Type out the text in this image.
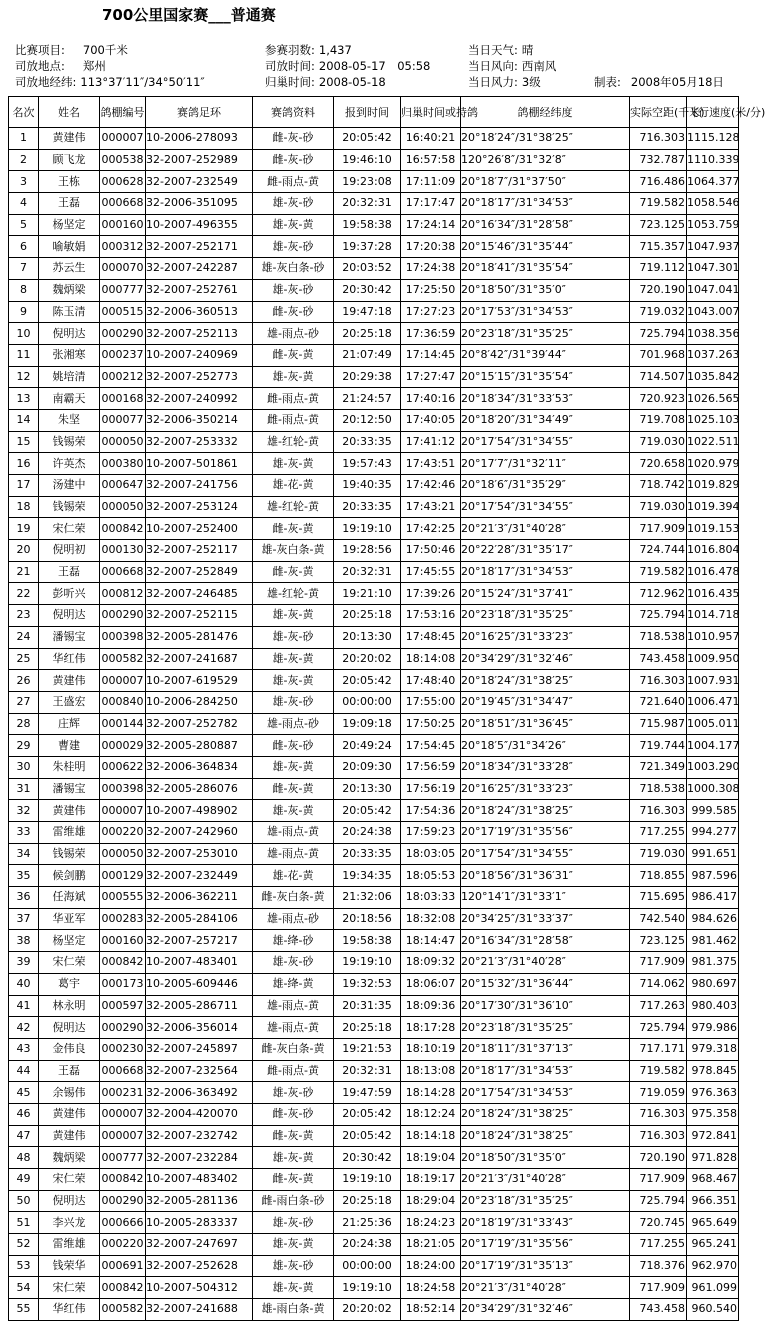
700公里国家赛___普通赛
比赛项目: 700千米
司放地点: 郑州
司放地经纬: 113°37′11″/34°50′11″
参赛羽数: 1,437
司放时间: 2008-05-17　05:58
归巢时间: 2008-05-18
当日天气: 晴
当日风向: 西南风
当日风力: 3级	制表: 2008年05月18日
名次	姓名	鸽棚编号	赛鸽足环	赛鸽资料	报到时间	归巢时间或持鸽	鸽棚经纬度	实际空距(千米)	飞行速度(米/分)
1	黄建伟	000007	10-2006-278093	雌-灰-砂	20:05:42	16:40:21	20°18′24″/31°38′25″	716.303	1115.128
2	顾飞龙	000538	32-2007-252989	雌-灰-砂	19:46:10	16:57:58	120°26′8″/31°32′8″	732.787	1110.339
3	王栋	000628	32-2007-232549	雌-雨点-黄	19:23:08	17:11:09	20°18′7″/31°37′50″	716.486	1064.377
4	王磊	000668	32-2006-351095	雄-灰-砂	20:32:31	17:17:47	20°18′17″/31°34′53″	719.582	1058.546
5	杨坚定	000160	10-2007-496355	雄-灰-黄	19:58:38	17:24:14	20°16′34″/31°28′58″	723.125	1053.759
6	喻敏娟	000312	32-2007-252171	雄-灰-砂	19:37:28	17:20:38	20°15′46″/31°35′44″	715.357	1047.937
7	苏云生	000070	32-2007-242287	雄-灰白条-砂	20:03:52	17:24:38	20°18′41″/31°35′54″	719.112	1047.301
8	魏炳梁	000777	32-2007-252761	雄-灰-砂	20:30:42	17:25:50	20°18′50″/31°35′0″	720.190	1047.041
9	陈玉清	000515	32-2006-360513	雌-灰-砂	19:47:18	17:27:23	20°17′53″/31°34′53″	719.032	1043.007
10	倪明达	000290	32-2007-252113	雄-雨点-砂	20:25:18	17:36:59	20°23′18″/31°35′25″	725.794	1038.356
11	张湘寒	000237	10-2007-240969	雌-灰-黄	21:07:49	17:14:45	20°8′42″/31°39′44″	701.968	1037.263
12	姚培清	000212	32-2007-252773	雄-灰-黄	20:29:38	17:27:47	20°15′15″/31°35′54″	714.507	1035.842
13	南霸天	000168	32-2007-240992	雌-雨点-黄	21:24:57	17:40:16	20°18′34″/31°33′53″	720.923	1026.565
14	朱坚	000077	32-2006-350214	雌-雨点-黄	20:12:50	17:40:05	20°18′20″/31°34′49″	719.708	1025.103
15	钱锡荣	000050	32-2007-253332	雄-红轮-黄	20:33:35	17:41:12	20°17′54″/31°34′55″	719.030	1022.511
16	许英杰	000380	10-2007-501861	雄-灰-黄	19:57:43	17:43:51	20°17′7″/31°32′11″	720.658	1020.979
17	汤建中	000647	32-2007-241756	雄-花-黄	19:40:35	17:42:46	20°18′6″/31°35′29″	718.742	1019.829
18	钱锡荣	000050	32-2007-253124	雄-红轮-黄	20:33:35	17:43:21	20°17′54″/31°34′55″	719.030	1019.394
19	宋仁荣	000842	10-2007-252400	雌-灰-黄	19:19:10	17:42:25	20°21′3″/31°40′28″	717.909	1019.153
20	倪明初	000130	32-2007-252117	雄-灰白条-黄	19:28:56	17:50:46	20°22′28″/31°35′17″	724.744	1016.804
21	王磊	000668	32-2007-252849	雌-灰-黄	20:32:31	17:45:55	20°18′17″/31°34′53″	719.582	1016.478
22	彭听兴	000812	32-2007-246485	雄-红轮-黄	19:21:10	17:39:26	20°15′24″/31°37′41″	712.962	1016.435
23	倪明达	000290	32-2007-252115	雄-灰-黄	20:25:18	17:53:16	20°23′18″/31°35′25″	725.794	1014.718
24	潘锡宝	000398	32-2005-281476	雄-灰-砂	20:13:30	17:48:45	20°16′25″/31°33′23″	718.538	1010.957
25	华红伟	000582	32-2007-241687	雄-灰-黄	20:20:02	18:14:08	20°34′29″/31°32′46″	743.458	1009.950
26	黄建伟	000007	10-2007-619529	雄-灰-黄	20:05:42	17:48:40	20°18′24″/31°38′25″	716.303	1007.931
27	王盛宏	000840	10-2006-284250	雄-灰-砂	00:00:00	17:55:00	20°19′45″/31°34′47″	721.640	1006.471
28	庄辉	000144	32-2007-252782	雄-雨点-砂	19:09:18	17:50:25	20°18′51″/31°36′45″	715.987	1005.011
29	曹建	000029	32-2005-280887	雌-灰-砂	20:49:24	17:54:45	20°18′5″/31°34′26″	719.744	1004.177
30	朱桂明	000622	32-2006-364834	雄-灰-黄	20:09:30	17:56:59	20°18′34″/31°33′28″	721.349	1003.290
31	潘锡宝	000398	32-2005-286076	雌-灰-黄	20:13:30	17:56:19	20°16′25″/31°33′23″	718.538	1000.308
32	黄建伟	000007	10-2007-498902	雄-灰-黄	20:05:42	17:54:36	20°18′24″/31°38′25″	716.303	999.585
33	雷维雄	000220	32-2007-242960	雄-雨点-黄	20:24:38	17:59:23	20°17′19″/31°35′56″	717.255	994.277
34	钱锡荣	000050	32-2007-253010	雄-雨点-黄	20:33:35	18:03:05	20°17′54″/31°34′55″	719.030	991.651
35	候剑鹏	000129	32-2007-232449	雄-花-黄	19:34:35	18:05:53	20°18′56″/31°36′31″	718.855	987.596
36	任海斌	000555	32-2006-362211	雌-灰白条-黄	21:32:06	18:03:33	120°14′1″/31°33′1″	715.695	986.417
37	华亚军	000283	32-2005-284106	雄-雨点-砂	20:18:56	18:32:08	20°34′25″/31°33′37″	742.540	984.626
38	杨坚定	000160	32-2007-257217	雄-绛-砂	19:58:38	18:14:47	20°16′34″/31°28′58″	723.125	981.462
39	宋仁荣	000842	10-2007-483401	雄-灰-砂	19:19:10	18:09:32	20°21′3″/31°40′28″	717.909	981.375
40	葛宇	000173	10-2005-609446	雄-绛-黄	19:32:53	18:06:07	20°15′32″/31°36′44″	714.062	980.697
41	林永明	000597	32-2005-286711	雄-雨点-黄	20:31:35	18:09:36	20°17′30″/31°36′10″	717.263	980.403
42	倪明达	000290	32-2006-356014	雄-雨点-黄	20:25:18	18:17:28	20°23′18″/31°35′25″	725.794	979.986
43	金伟良	000230	32-2007-245897	雌-灰白条-黄	19:21:53	18:10:19	20°18′11″/31°37′13″	717.171	979.318
44	王磊	000668	32-2007-232564	雌-雨点-黄	20:32:31	18:13:08	20°18′17″/31°34′53″	719.582	978.845
45	余锡伟	000231	32-2006-363492	雄-灰-砂	19:47:59	18:14:28	20°17′54″/31°34′53″	719.059	976.363
46	黄建伟	000007	32-2004-420070	雌-灰-砂	20:05:42	18:12:24	20°18′24″/31°38′25″	716.303	975.358
47	黄建伟	000007	32-2007-232742	雌-灰-黄	20:05:42	18:14:18	20°18′24″/31°38′25″	716.303	972.841
48	魏炳梁	000777	32-2007-232284	雄-灰-黄	20:30:42	18:19:04	20°18′50″/31°35′0″	720.190	971.828
49	宋仁荣	000842	10-2007-483402	雌-灰-黄	19:19:10	18:19:17	20°21′3″/31°40′28″	717.909	968.467
50	倪明达	000290	32-2005-281136	雌-雨白条-砂	20:25:18	18:29:04	20°23′18″/31°35′25″	725.794	966.351
51	李兴龙	000666	10-2005-283337	雄-灰-砂	21:25:36	18:24:23	20°18′19″/31°33′43″	720.745	965.649
52	雷维雄	000220	32-2007-247697	雄-灰-黄	20:24:38	18:21:05	20°17′19″/31°35′56″	717.255	965.241
53	钱荣华	000691	32-2007-252628	雄-灰-砂	00:00:00	18:24:00	20°17′19″/31°35′13″	718.376	962.970
54	宋仁荣	000842	10-2007-504312	雄-灰-黄	19:19:10	18:24:58	20°21′3″/31°40′28″	717.909	961.099
55	华红伟	000582	32-2007-241688	雄-雨白条-黄	20:20:02	18:52:14	20°34′29″/31°32′46″	743.458	960.540
